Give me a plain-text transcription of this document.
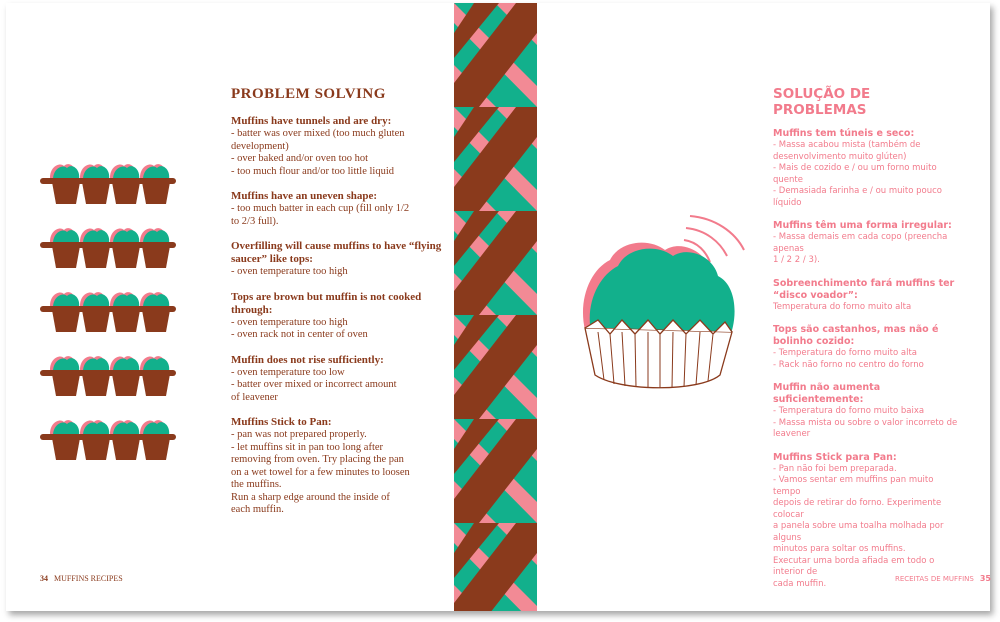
PROBLEM SOLVING
Muffins have tunnels and are dry:
- batter was over mixed (too much gluten
development)
- over baked and/or oven too hot
- too much flour and/or too little liquid
Muffins have an uneven shape:
- too much batter in each cup (fill only 1/2
to 2/3 full).
Overfilling will cause muffins to have “flying saucer” like tops:
- oven temperature too high
Tops are brown but muffin is not cooked through:
- oven temperature too high
- oven rack not in center of oven
Muffin does not rise sufficiently:
- oven temperature too low
- batter over mixed or incorrect amount
of leavener
Muffins Stick to Pan:
- pan was not prepared properly.
- let muffins sit in pan too long after
removing from oven. Try placing the pan
on a wet towel for a few minutes to loosen
the muffins.
Run a sharp edge around the inside of
each muffin.
SOLUÇÃO DE PROBLEMAS
Muffins tem túneis e seco:
- Massa acabou mista (também de
desenvolvimento muito glúten)
- Mais de cozido e / ou um forno muito quente
- Demasiada farinha e / ou muito pouco líquido
Muffins têm uma forma irregular:
- Massa demais em cada copo (preencha apenas
1 / 2 2 / 3).
Sobreenchimento fará muffins ter “disco voador”:
Temperatura do forno muito alta
Tops são castanhos, mas não é bolinho cozido:
- Temperatura do forno muito alta
- Rack não forno no centro do forno
Muffin não aumenta suficientemente:
- Temperatura do forno muito baixa
- Massa mista ou sobre o valor incorreto de
leavener
Muffins Stick para Pan:
- Pan não foi bem preparada.
- Vamos sentar em muffins pan muito tempo
depois de retirar do forno. Experimente colocar
a panela sobre uma toalha molhada por alguns
minutos para soltar os muffins.
Executar uma borda afiada em todo o interior de
cada muffin.
34 MUFFINS RECIPES	RECEITAS DE MUFFINS 35
